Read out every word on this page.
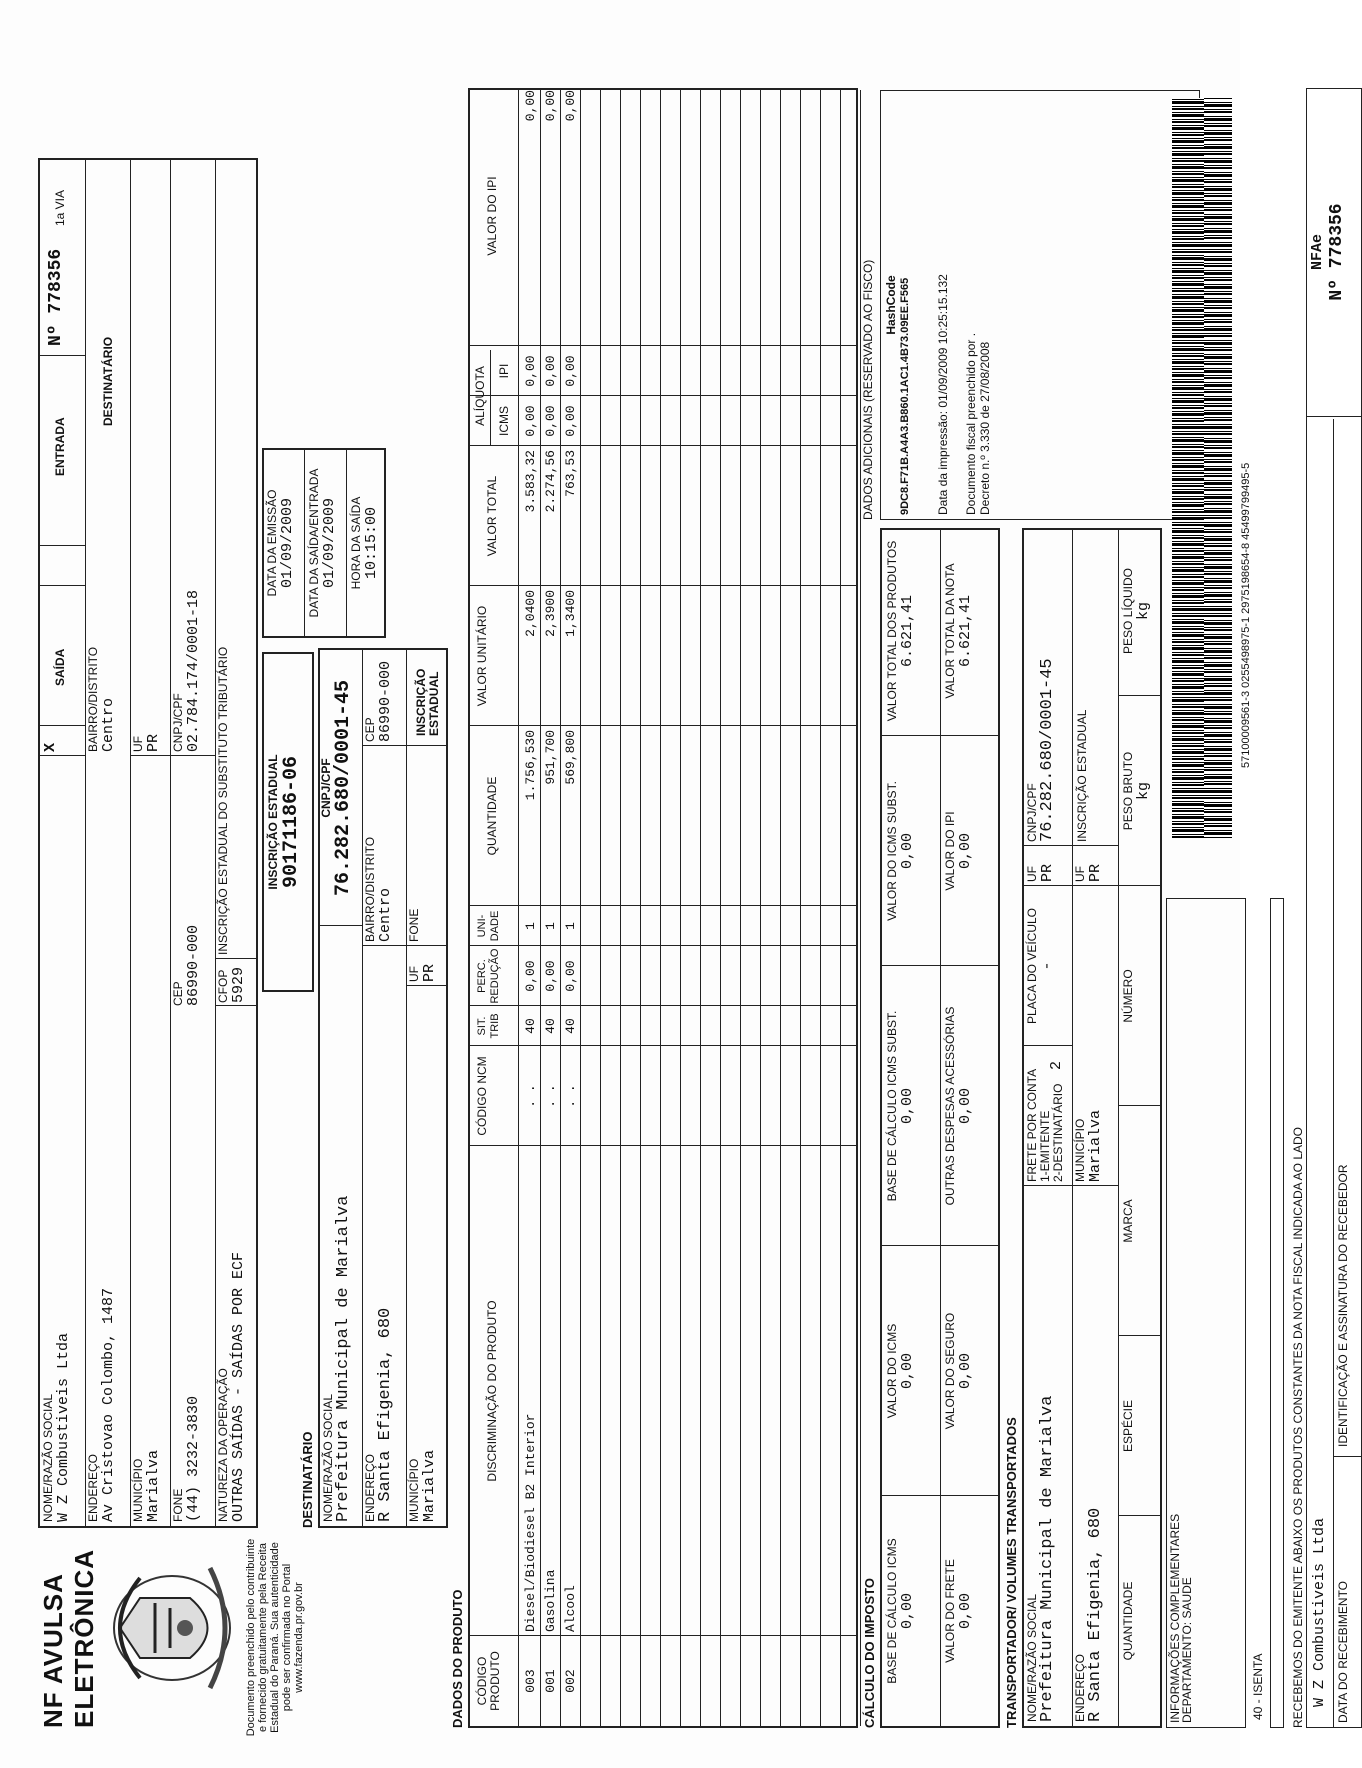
NF AVULSA ELETRÔNICA	Documento preenchido pelo contribuinte e fornecido gratuitamente pela Receita Estadual do Paraná. Sua autenticidade pode ser confirmada no Portal www.fazenda.pr.gov.br
NOME/RAZÃO SOCIAL W Z Combustiveis Ltda ENDEREÇO Av Cristovao Colombo, 1487 MUNICÍPIO Marialva FONE (44) 3232-3830
CEP 86990-000
NATUREZA DA OPERAÇÃO OUTRAS SAÍDAS - SAÍDAS POR ECF
CFOP 5929
INSCRIÇÃO ESTADUAL DO SUBSTITUTO TRIBUTÁRIO
X
SAÍDA
ENTRADA
Nº 778356
1a VIA
BAIRRO/DISTRITO Centro
DESTINATÁRIO
UF PR CNPJ/CPF 02.784.174/0001-18
INSCRIÇÃO ESTADUAL 90171186-06
DATA DA EMISSÃO 01/09/2009 DATA DA SAÍDA/ENTRADA 01/09/2009 HORA DA SAÍDA 10:15:00
DESTINATÁRIO NOME/RAZÃO SOCIAL Prefeitura Municipal de Marialva ENDEREÇO R Santa Efigenia, 680
BAIRRO/DISTRITO Centro
CEP 86990-000
MUNICÍPIO Marialva
UF PR
FONE
INSCRIÇÃO ESTADUAL
CNPJ/CPF 76.282.680/0001-45
DADOS DO PRODUTO CÓDIGO PRODUTO
DISCRIMINAÇÃO DO PRODUTO
CÓDIGO NCM
SIT. TRIB
PERC. REDUÇÃO
UNI-DADE
QUANTIDADE
VALOR UNITÁRIO
VALOR TOTAL
ALÍQUOTA ICMS
IPI
VALOR DO IPI
003
Diesel/Biodiesel B2 Interior
. .
40
0,00
1
1.756,530
2,0400
3.583,32
0,00
0,00
0,00
001
Gasolina
. .
40
0,00
1
951,700
2,3900
2.274,56
0,00
0,00
0,00
002
Alcool
. .
40
0,00
1
569,800
1,3400
763,53
0,00
0,00
0,00
CÁLCULO DO IMPOSTO BASE DE CÁLCULO ICMS 0,00
VALOR DO ICMS 0,00
BASE DE CÁLCULO ICMS SUBST. 0,00
VALOR DO ICMS SUBST. 0,00
VALOR TOTAL DOS PRODUTOS 6.621,41
VALOR DO FRETE 0,00
VALOR DO SEGURO 0,00
OUTRAS DESPESAS ACESSÓRIAS 0,00
VALOR DO IPI 0,00
VALOR TOTAL DA NOTA 6.621,41
DADOS ADICIONAIS (RESERVADO AO FISCO) HashCode 9DC8.F71B.A4A3.B860.1AC1.4B73.09EE.F565 Data da impressão: 01/09/2009 10:25:15.132 Documento fiscal preenchido por . Decreto n.º 3.330 de 27/08/2008
TRANSPORTADOR/ VOLUMES TRANSPORTADOS NOME/RAZÃO SOCIAL Prefeitura Municipal de Marialva
FRETE POR CONTA 1-EMITENTE 2-DESTINATÁRIO
2
PLACA DO VEÍCULO -
UF PR
CNPJ/CPF 76.282.680/0001-45
ENDEREÇO R Santa Efigenia, 680
MUNICÍPIO Marialva
UF PR
INSCRIÇÃO ESTADUAL
QUANTIDADE
ESPÉCIE
MARCA
NÚMERO
PESO BRUTO kg
PESO LÍQUIDO kg
INFORMAÇÕES COMPLEMENTARES
DEPARTAMENTO: SAUDE	40 - ISENTA
57100009561-3 0255498975-1 2975198654-8 4549979949​5-5
RECEBEMOS DO EMITENTE ABAIXO OS PRODUTOS CONSTANTES DA NOTA FISCAL INDICADA AO LADO W Z Combustiveis Ltda DATA DO RECEBIMENTO
IDENTIFICAÇÃO E ASSINATURA DO RECEBEDOR
NFAe Nº 778356
